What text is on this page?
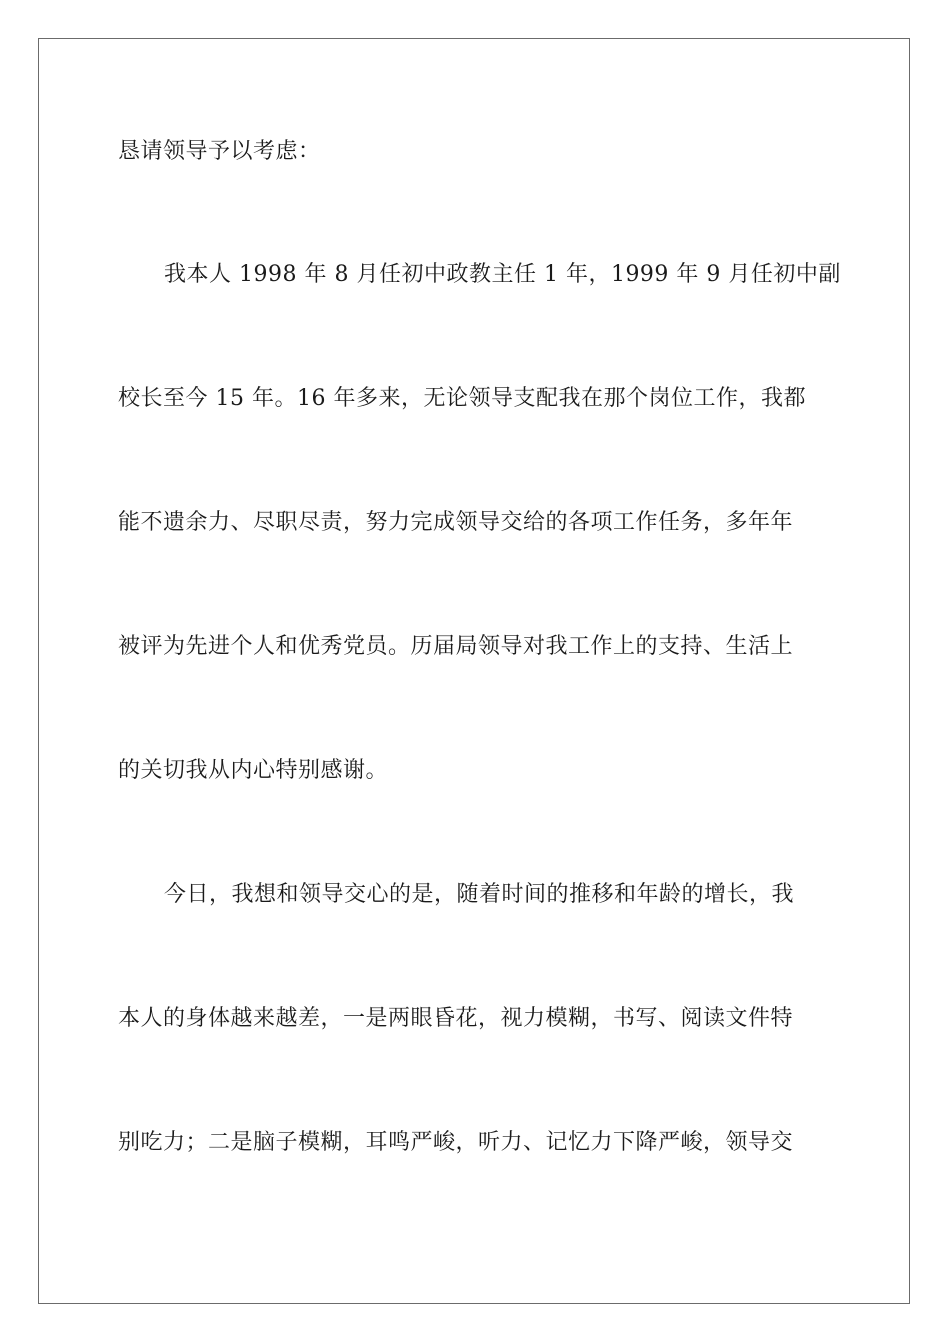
恳请领导予以考虑：
我本人 1998 年 8 月任初中政教主任 1 年，1999 年 9 月任初中副
校长至今 15 年。16 年多来，无论领导支配我在那个岗位工作，我都
能不遗余力、尽职尽责，努力完成领导交给的各项工作任务，多年年
被评为先进个人和优秀党员。历届局领导对我工作上的支持、生活上
的关切我从内心特别感谢。
今日，我想和领导交心的是，随着时间的推移和年龄的增长，我
本人的身体越来越差，一是两眼昏花，视力模糊，书写、阅读文件特
别吃力；二是脑子模糊，耳鸣严峻，听力、记忆力下降严峻，领导交
